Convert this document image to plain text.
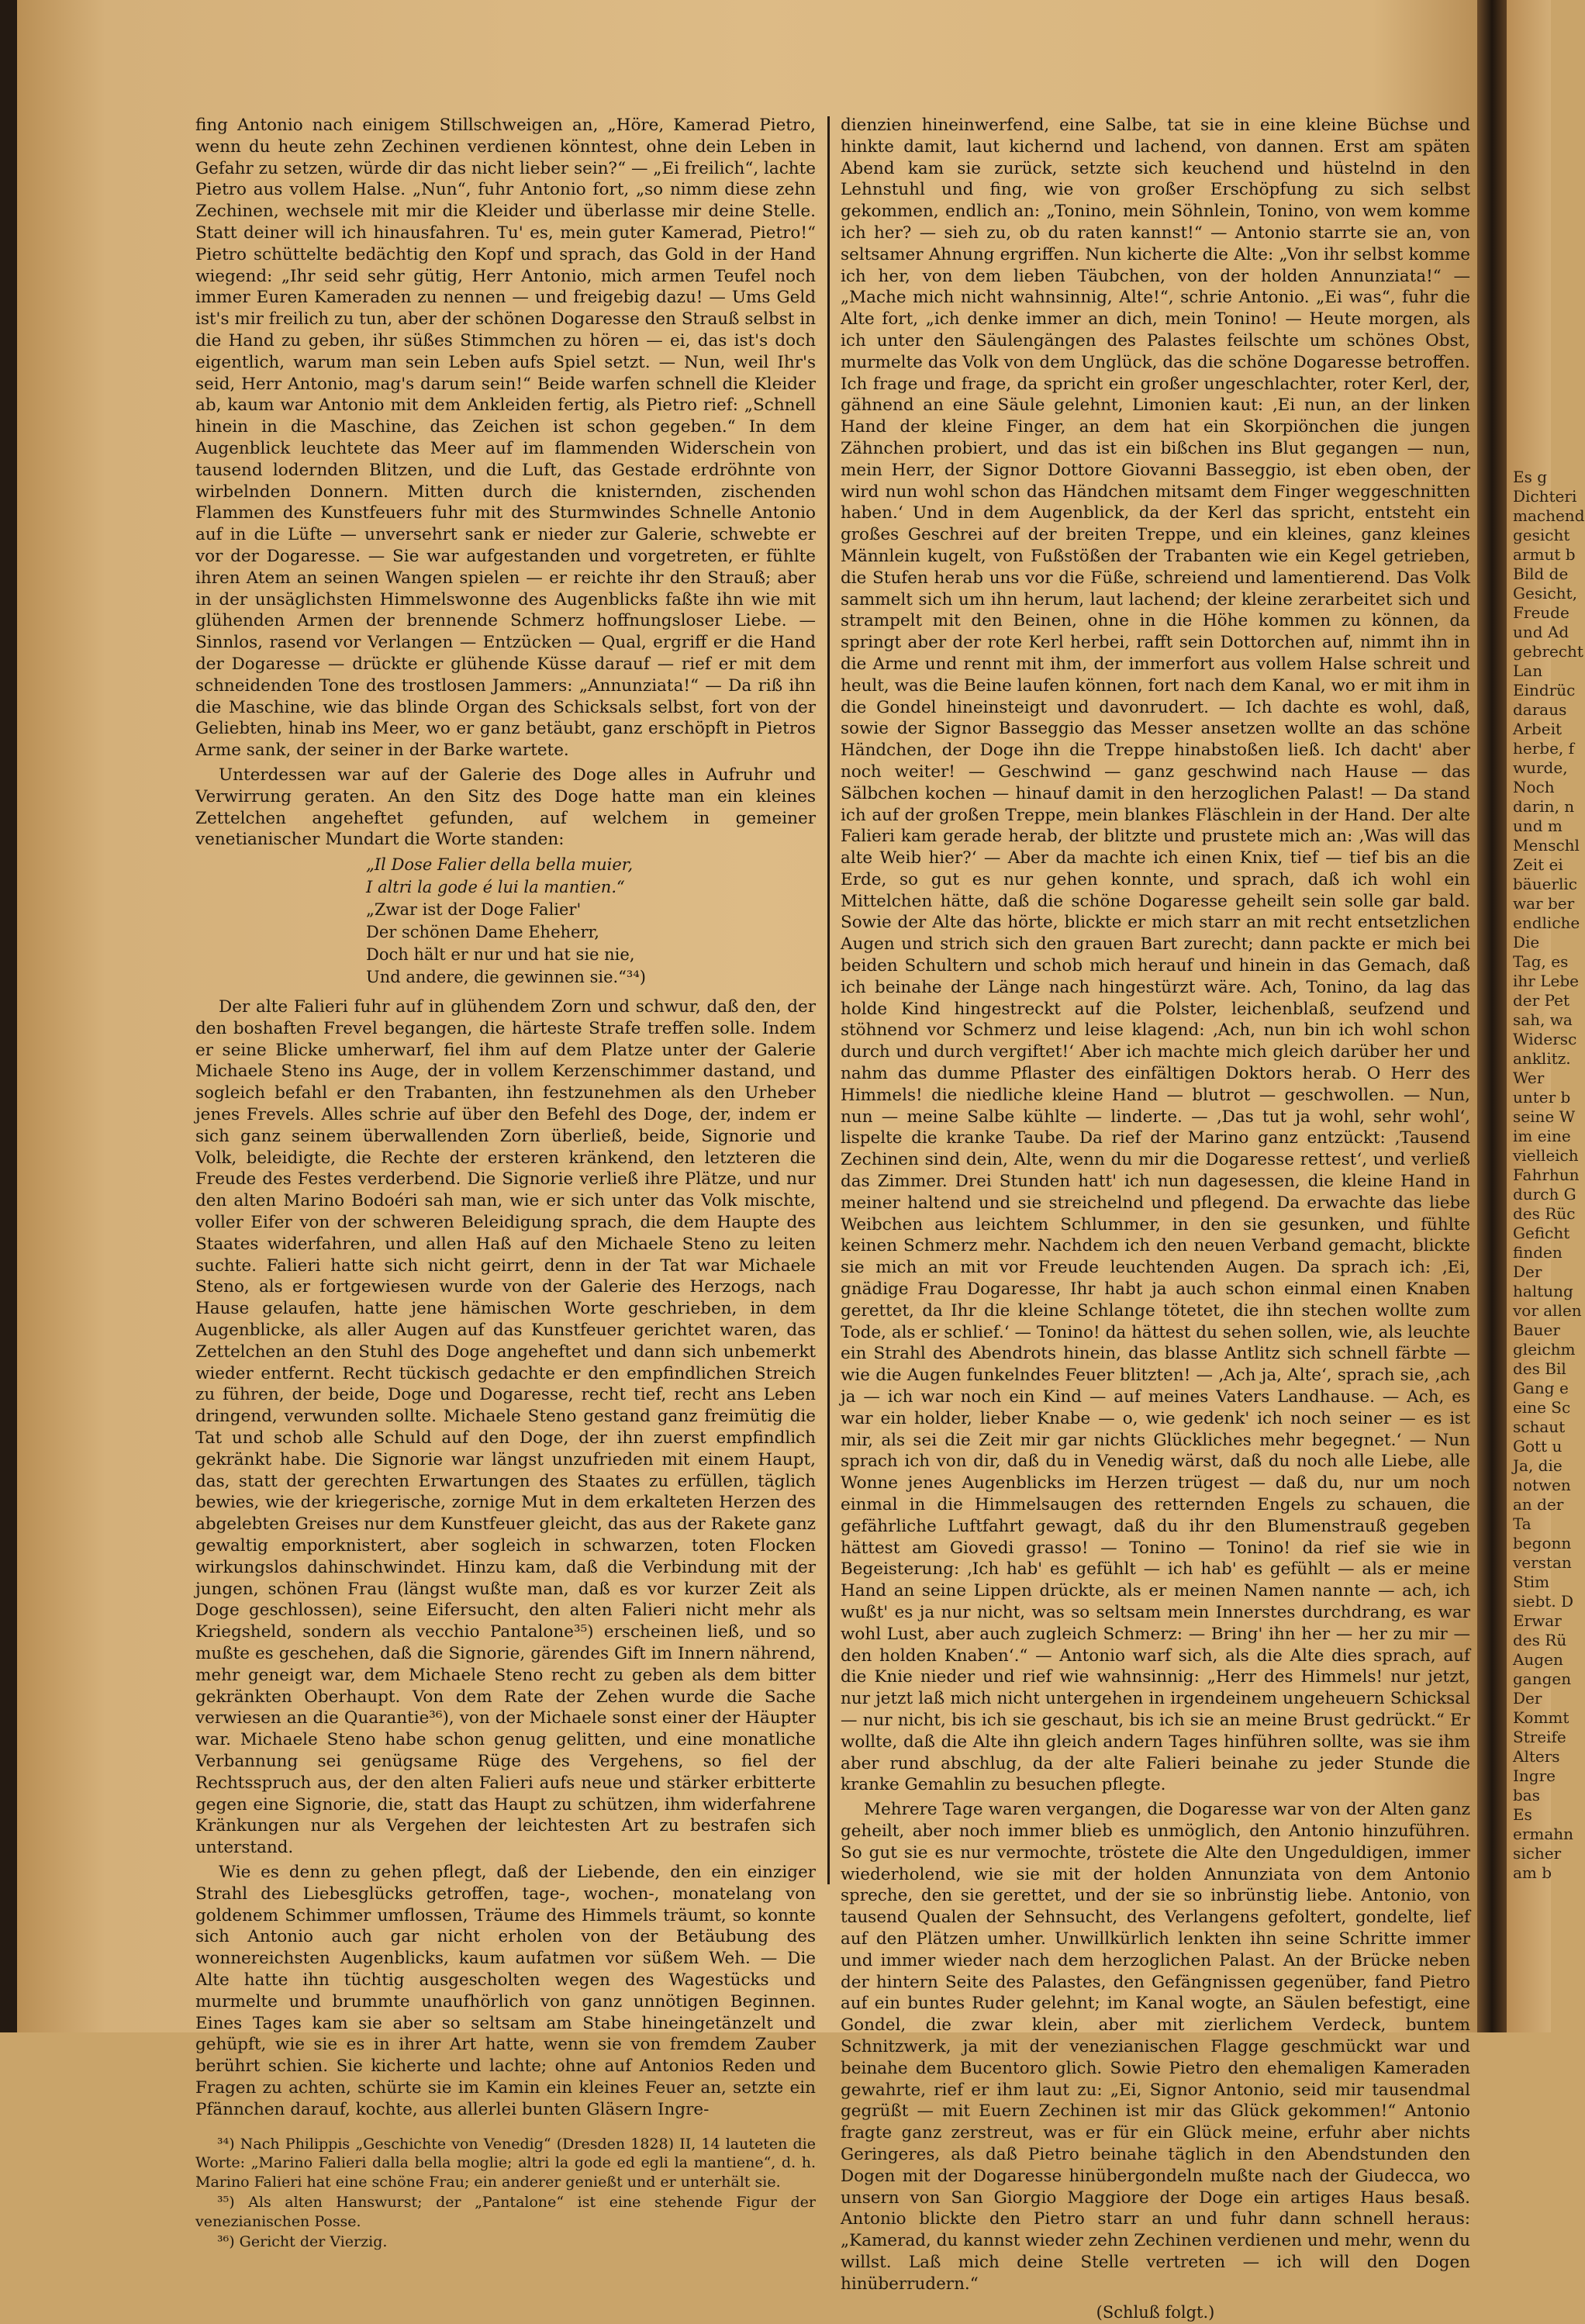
fing Antonio nach einigem Stillschweigen an, „Höre, Kamerad Pietro, wenn du heute zehn Zechinen verdienen könntest, ohne dein Leben in Gefahr zu setzen, würde dir das nicht lieber sein?“ — „Ei freilich“, lachte Pietro aus vollem Halse. „Nun“, fuhr Antonio fort, „so nimm diese zehn Zechinen, wechsele mit mir die Kleider und überlasse mir deine Stelle. Statt deiner will ich hinausfahren. Tu' es, mein guter Kamerad, Pietro!“ Pietro schüttelte bedächtig den Kopf und sprach, das Gold in der Hand wiegend: „Ihr seid sehr gütig, Herr Antonio, mich armen Teufel noch immer Euren Kameraden zu nennen — und freigebig dazu! — Ums Geld ist's mir freilich zu tun, aber der schönen Dogaresse den Strauß selbst in die Hand zu geben, ihr süßes Stimmchen zu hören — ei, das ist's doch eigentlich, warum man sein Leben aufs Spiel setzt. — Nun, weil Ihr's seid, Herr Antonio, mag's darum sein!“ Beide warfen schnell die Kleider ab, kaum war Antonio mit dem Ankleiden fertig, als Pietro rief: „Schnell hinein in die Maschine, das Zeichen ist schon gegeben.“ In dem Augenblick leuchtete das Meer auf im flammenden Widerschein von tausend lodernden Blitzen, und die Luft, das Gestade erdröhnte von wirbelnden Donnern. Mitten durch die knisternden, zischenden Flammen des Kunstfeuers fuhr mit des Sturmwindes Schnelle Antonio auf in die Lüfte — unversehrt sank er nieder zur Galerie, schwebte er vor der Dogaresse. — Sie war aufgestanden und vorgetreten, er fühlte ihren Atem an seinen Wangen spielen — er reichte ihr den Strauß; aber in der unsäglichsten Himmelswonne des Augenblicks faßte ihn wie mit glühenden Armen der brennende Schmerz hoffnungsloser Liebe. — Sinnlos, rasend vor Verlangen — Entzücken — Qual, ergriff er die Hand der Dogaresse — drückte er glühende Küsse darauf — rief er mit dem schneidenden Tone des trostlosen Jammers: „Annunziata!“ — Da riß ihn die Maschine, wie das blinde Organ des Schicksals selbst, fort von der Geliebten, hinab ins Meer, wo er ganz betäubt, ganz erschöpft in Pietros Arme sank, der seiner in der Barke wartete.

Unterdessen war auf der Galerie des Doge alles in Aufruhr und Verwirrung geraten. An den Sitz des Doge hatte man ein kleines Zettelchen angeheftet gefunden, auf welchem in gemeiner venetianischer Mundart die Worte standen:

„Il Dose Falier della bella muier,
I altri la gode é lui la mantien.“
„Zwar ist der Doge Falier'
Der schönen Dame Eheherr,
Doch hält er nur und hat sie nie,
Und andere, die gewinnen sie.“³⁴)

Der alte Falieri fuhr auf in glühendem Zorn und schwur, daß den, der den boshaften Frevel begangen, die härteste Strafe treffen solle. Indem er seine Blicke umherwarf, fiel ihm auf dem Platze unter der Galerie Michaele Steno ins Auge, der in vollem Kerzenschimmer dastand, und sogleich befahl er den Trabanten, ihn festzunehmen als den Urheber jenes Frevels. Alles schrie auf über den Befehl des Doge, der, indem er sich ganz seinem überwallenden Zorn überließ, beide, Signorie und Volk, beleidigte, die Rechte der ersteren kränkend, den letzteren die Freude des Festes verderbend. Die Signorie verließ ihre Plätze, und nur den alten Marino Bodoéri sah man, wie er sich unter das Volk mischte, voller Eifer von der schweren Beleidigung sprach, die dem Haupte des Staates widerfahren, und allen Haß auf den Michaele Steno zu leiten suchte. Falieri hatte sich nicht geirrt, denn in der Tat war Michaele Steno, als er fortgewiesen wurde von der Galerie des Herzogs, nach Hause gelaufen, hatte jene hämischen Worte geschrieben, in dem Augenblicke, als aller Augen auf das Kunstfeuer gerichtet waren, das Zettelchen an den Stuhl des Doge angeheftet und dann sich unbemerkt wieder entfernt. Recht tückisch gedachte er den empfindlichen Streich zu führen, der beide, Doge und Dogaresse, recht tief, recht ans Leben dringend, verwunden sollte. Michaele Steno gestand ganz freimütig die Tat und schob alle Schuld auf den Doge, der ihn zuerst empfindlich gekränkt habe. Die Signorie war längst unzufrieden mit einem Haupt, das, statt der gerechten Erwartungen des Staates zu erfüllen, täglich bewies, wie der kriegerische, zornige Mut in dem erkalteten Herzen des abgelebten Greises nur dem Kunstfeuer gleicht, das aus der Rakete ganz gewaltig emporknistert, aber sogleich in schwarzen, toten Flocken wirkungslos dahinschwindet. Hinzu kam, daß die Verbindung mit der jungen, schönen Frau (längst wußte man, daß es vor kurzer Zeit als Doge geschlossen), seine Eifersucht, den alten Falieri nicht mehr als Kriegsheld, sondern als vecchio Pantalone³⁵) erscheinen ließ, und so mußte es geschehen, daß die Signorie, gärendes Gift im Innern nährend, mehr geneigt war, dem Michaele Steno recht zu geben als dem bitter gekränkten Oberhaupt. Von dem Rate der Zehen wurde die Sache verwiesen an die Quarantie³⁶), von der Michaele sonst einer der Häupter war. Michaele Steno habe schon genug gelitten, und eine monatliche Verbannung sei genügsame Rüge des Vergehens, so fiel der Rechtsspruch aus, der den alten Falieri aufs neue und stärker erbitterte gegen eine Signorie, die, statt das Haupt zu schützen, ihm widerfahrene Kränkungen nur als Vergehen der leichtesten Art zu bestrafen sich unterstand.

Wie es denn zu gehen pflegt, daß der Liebende, den ein einziger Strahl des Liebesglücks getroffen, tage-, wochen-, monatelang von goldenem Schimmer umflossen, Träume des Himmels träumt, so konnte sich Antonio auch gar nicht erholen von der Betäubung des wonnereichsten Augenblicks, kaum aufatmen vor süßem Weh. — Die Alte hatte ihn tüchtig ausgescholten wegen des Wagestücks und murmelte und brummte unaufhörlich von ganz unnötigen Beginnen. Eines Tages kam sie aber so seltsam am Stabe hineingetänzelt und gehüpft, wie sie es in ihrer Art hatte, wenn sie von fremdem Zauber berührt schien. Sie kicherte und lachte; ohne auf Antonios Reden und Fragen zu achten, schürte sie im Kamin ein kleines Feuer an, setzte ein Pfännchen darauf, kochte, aus allerlei bunten Gläsern Ingre-

³⁴) Nach Philippis „Geschichte von Venedig“ (Dresden 1828) II, 14 lauteten die Worte: „Marino Falieri dalla bella moglie; altri la gode ed egli la mantiene“, d. h. Marino Falieri hat eine schöne Frau; ein anderer genießt und er unterhält sie.

³⁵) Als alten Hanswurst; der „Pantalone“ ist eine stehende Figur der venezianischen Posse.

³⁶) Gericht der Vierzig.

dienzien hineinwerfend, eine Salbe, tat sie in eine kleine Büchse und hinkte damit, laut kichernd und lachend, von dannen. Erst am späten Abend kam sie zurück, setzte sich keuchend und hüstelnd in den Lehnstuhl und fing, wie von großer Erschöpfung zu sich selbst gekommen, endlich an: „Tonino, mein Söhnlein, Tonino, von wem komme ich her? — sieh zu, ob du raten kannst!“ — Antonio starrte sie an, von seltsamer Ahnung ergriffen. Nun kicherte die Alte: „Von ihr selbst komme ich her, von dem lieben Täubchen, von der holden Annunziata!“ — „Mache mich nicht wahnsinnig, Alte!“, schrie Antonio. „Ei was“, fuhr die Alte fort, „ich denke immer an dich, mein Tonino! — Heute morgen, als ich unter den Säulengängen des Palastes feilschte um schönes Obst, murmelte das Volk von dem Unglück, das die schöne Dogaresse betroffen. Ich frage und frage, da spricht ein großer ungeschlachter, roter Kerl, der, gähnend an eine Säule gelehnt, Limonien kaut: ‚Ei nun, an der linken Hand der kleine Finger, an dem hat ein Skorpiönchen die jungen Zähnchen probiert, und das ist ein bißchen ins Blut gegangen — nun, mein Herr, der Signor Dottore Giovanni Basseggio, ist eben oben, der wird nun wohl schon das Händchen mitsamt dem Finger weggeschnitten haben.‘ Und in dem Augenblick, da der Kerl das spricht, entsteht ein großes Geschrei auf der breiten Treppe, und ein kleines, ganz kleines Männlein kugelt, von Fußstößen der Trabanten wie ein Kegel getrieben, die Stufen herab uns vor die Füße, schreiend und lamentierend. Das Volk sammelt sich um ihn herum, laut lachend; der kleine zerarbeitet sich und strampelt mit den Beinen, ohne in die Höhe kommen zu können, da springt aber der rote Kerl herbei, rafft sein Dottorchen auf, nimmt ihn in die Arme und rennt mit ihm, der immerfort aus vollem Halse schreit und heult, was die Beine laufen können, fort nach dem Kanal, wo er mit ihm in die Gondel hineinsteigt und davonrudert. — Ich dachte es wohl, daß, sowie der Signor Basseggio das Messer ansetzen wollte an das schöne Händchen, der Doge ihn die Treppe hinabstoßen ließ. Ich dacht' aber noch weiter! — Geschwind — ganz geschwind nach Hause — das Sälbchen kochen — hinauf damit in den herzoglichen Palast! — Da stand ich auf der großen Treppe, mein blankes Fläschlein in der Hand. Der alte Falieri kam gerade herab, der blitzte und prustete mich an: ‚Was will das alte Weib hier?‘ — Aber da machte ich einen Knix, tief — tief bis an die Erde, so gut es nur gehen konnte, und sprach, daß ich wohl ein Mittelchen hätte, daß die schöne Dogaresse geheilt sein solle gar bald. Sowie der Alte das hörte, blickte er mich starr an mit recht entsetzlichen Augen und strich sich den grauen Bart zurecht; dann packte er mich bei beiden Schultern und schob mich herauf und hinein in das Gemach, daß ich beinahe der Länge nach hingestürzt wäre. Ach, Tonino, da lag das holde Kind hingestreckt auf die Polster, leichenblaß, seufzend und stöhnend vor Schmerz und leise klagend: ‚Ach, nun bin ich wohl schon durch und durch vergiftet!‘ Aber ich machte mich gleich darüber her und nahm das dumme Pflaster des einfältigen Doktors herab. O Herr des Himmels! die niedliche kleine Hand — blutrot — geschwollen. — Nun, nun — meine Salbe kühlte — linderte. — ‚Das tut ja wohl, sehr wohl‘, lispelte die kranke Taube. Da rief der Marino ganz entzückt: ‚Tausend Zechinen sind dein, Alte, wenn du mir die Dogaresse rettest‘, und verließ das Zimmer. Drei Stunden hatt' ich nun dagesessen, die kleine Hand in meiner haltend und sie streichelnd und pflegend. Da erwachte das liebe Weibchen aus leichtem Schlummer, in den sie gesunken, und fühlte keinen Schmerz mehr. Nachdem ich den neuen Verband gemacht, blickte sie mich an mit vor Freude leuchtenden Augen. Da sprach ich: ‚Ei, gnädige Frau Dogaresse, Ihr habt ja auch schon einmal einen Knaben gerettet, da Ihr die kleine Schlange tötetet, die ihn stechen wollte zum Tode, als er schlief.‘ — Tonino! da hättest du sehen sollen, wie, als leuchte ein Strahl des Abendrots hinein, das blasse Antlitz sich schnell färbte — wie die Augen funkelndes Feuer blitzten! — ‚Ach ja, Alte‘, sprach sie, ‚ach ja — ich war noch ein Kind — auf meines Vaters Landhause. — Ach, es war ein holder, lieber Knabe — o, wie gedenk' ich noch seiner — es ist mir, als sei die Zeit mir gar nichts Glückliches mehr begegnet.‘ — Nun sprach ich von dir, daß du in Venedig wärst, daß du noch alle Liebe, alle Wonne jenes Augenblicks im Herzen trügest — daß du, nur um noch einmal in die Himmelsaugen des retternden Engels zu schauen, die gefährliche Luftfahrt gewagt, daß du ihr den Blumenstrauß gegeben hättest am Giovedi grasso! — Tonino — Tonino! da rief sie wie in Begeisterung: ‚Ich hab' es gefühlt — ich hab' es gefühlt — als er meine Hand an seine Lippen drückte, als er meinen Namen nannte — ach, ich wußt' es ja nur nicht, was so seltsam mein Innerstes durchdrang, es war wohl Lust, aber auch zugleich Schmerz: — Bring' ihn her — her zu mir — den holden Knaben‘.“ — Antonio warf sich, als die Alte dies sprach, auf die Knie nieder und rief wie wahnsinnig: „Herr des Himmels! nur jetzt, nur jetzt laß mich nicht untergehen in irgendeinem ungeheuern Schicksal — nur nicht, bis ich sie geschaut, bis ich sie an meine Brust gedrückt.“ Er wollte, daß die Alte ihn gleich andern Tages hinführen sollte, was sie ihm aber rund abschlug, da der alte Falieri beinahe zu jeder Stunde die kranke Gemahlin zu besuchen pflegte.

Mehrere Tage waren vergangen, die Dogaresse war von der Alten ganz geheilt, aber noch immer blieb es unmöglich, den Antonio hinzuführen. So gut sie es nur vermochte, tröstete die Alte den Ungeduldigen, immer wiederholend, wie sie mit der holden Annunziata von dem Antonio spreche, den sie gerettet, und der sie so inbrünstig liebe. Antonio, von tausend Qualen der Sehnsucht, des Verlangens gefoltert, gondelte, lief auf den Plätzen umher. Unwillkürlich lenkten ihn seine Schritte immer und immer wieder nach dem herzoglichen Palast. An der Brücke neben der hintern Seite des Palastes, den Gefängnissen gegenüber, fand Pietro auf ein buntes Ruder gelehnt; im Kanal wogte, an Säulen befestigt, eine Gondel, die zwar klein, aber mit zierlichem Verdeck, buntem Schnitzwerk, ja mit der venezianischen Flagge geschmückt war und beinahe dem Bucentoro glich. Sowie Pietro den ehemaligen Kameraden gewahrte, rief er ihm laut zu: „Ei, Signor Antonio, seid mir tausendmal gegrüßt — mit Euern Zechinen ist mir das Glück gekommen!“ Antonio fragte ganz zerstreut, was er für ein Glück meine, erfuhr aber nichts Geringeres, als daß Pietro beinahe täglich in den Abendstunden den Dogen mit der Dogaresse hinübergondeln mußte nach der Giudecca, wo unsern von San Giorgio Maggiore der Doge ein artiges Haus besaß. Antonio blickte den Pietro starr an und fuhr dann schnell heraus: „Kamerad, du kannst wieder zehn Zechinen verdienen und mehr, wenn du willst. Laß mich deine Stelle vertreten — ich will den Dogen hinüberrudern.“

(Schluß folgt.)
Es g
Dichteri
machend
gesicht
armut b
Bild de
Gesicht,
Freude
und Ad
gebrecht
Lan
Eindrüc
daraus
Arbeit
herbe, f
wurde,
Noch
darin, n
und m
Menschl
Zeit ei
bäuerlic
war ber
endliche
Die
Tag, es
ihr Lebe
der Pet
sah, wa
Widersc
anklitz.
Wer
unter b
seine W
im eine
vielleich
Fahrhun
durch G
des Rüc
Geficht
finden
Der
haltung
vor allen
Bauer
gleichm
des Bil
Gang e
eine Sc
schaut
Gott u
Ja, die
notwen
an der
Ta
begonn
verstan
Stim
siebt. D
Erwar
des Rü
Augen
gangen
Der
Kommt
Streife
Alters
Ingre
bas
Es
ermahn
sicher
am b
